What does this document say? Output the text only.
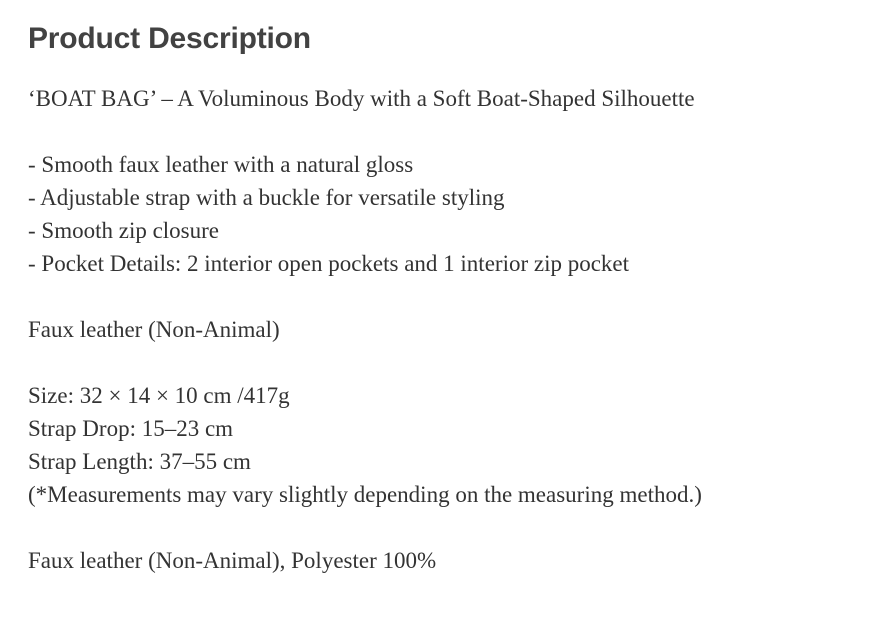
Product Description
‘BOAT BAG’ – A Voluminous Body with a Soft Boat-Shaped Silhouette
- Smooth faux leather with a natural gloss
- Adjustable strap with a buckle for versatile styling
- Smooth zip closure
- Pocket Details: 2 interior open pockets and 1 interior zip pocket
Faux leather (Non-Animal)
Size: 32 × 14 × 10 cm /417g
Strap Drop: 15–23 cm
Strap Length: 37–55 cm
(*Measurements may vary slightly depending on the measuring method.)
Faux leather (Non-Animal), Polyester 100%
